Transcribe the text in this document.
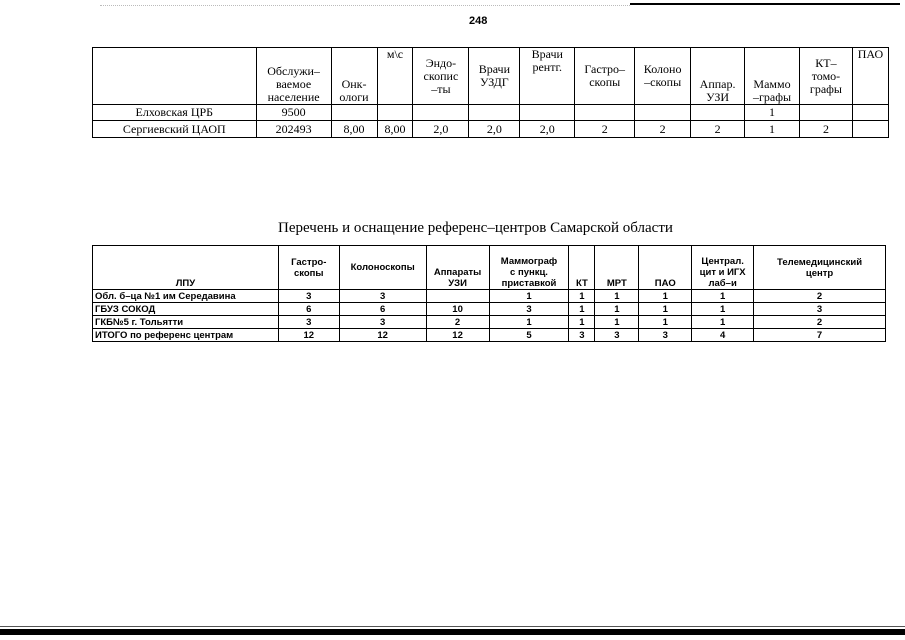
248
	Обслужи–
ваемое
население	Онк-
ологи	м\с	Эндо-
скопис
–ты	Врачи
УЗДГ	Врачи
рентг.	Гастро–
скопы	Колоно
–скопы	Аппар.
УЗИ	Маммо
–графы	КТ–
томо-
графы	ПАО
Елховская ЦРБ	9500									1		
Сергиевский ЦАОП	202493	8,00	8,00	2,0	2,0	2,0	2	2	2	1	2	
Перечень и оснащение референс–центров Самарской области
ЛПУ	Гастро-
скопы	Колоноскопы	Аппараты
УЗИ	Маммограф
с пункц.
приставкой	КТ	МРТ	ПАО	Централ.
цит и ИГХ
лаб–и	Телемедицинский
центр
Обл. б–ца №1 им Середавина	3	3		1	1	1	1	1	2
ГБУЗ СОКОД	6	6	10	3	1	1	1	1	3
ГКБ№5 г. Тольятти	3	3	2	1	1	1	1	1	2
ИТОГО по референс центрам	12	12	12	5	3	3	3	4	7
